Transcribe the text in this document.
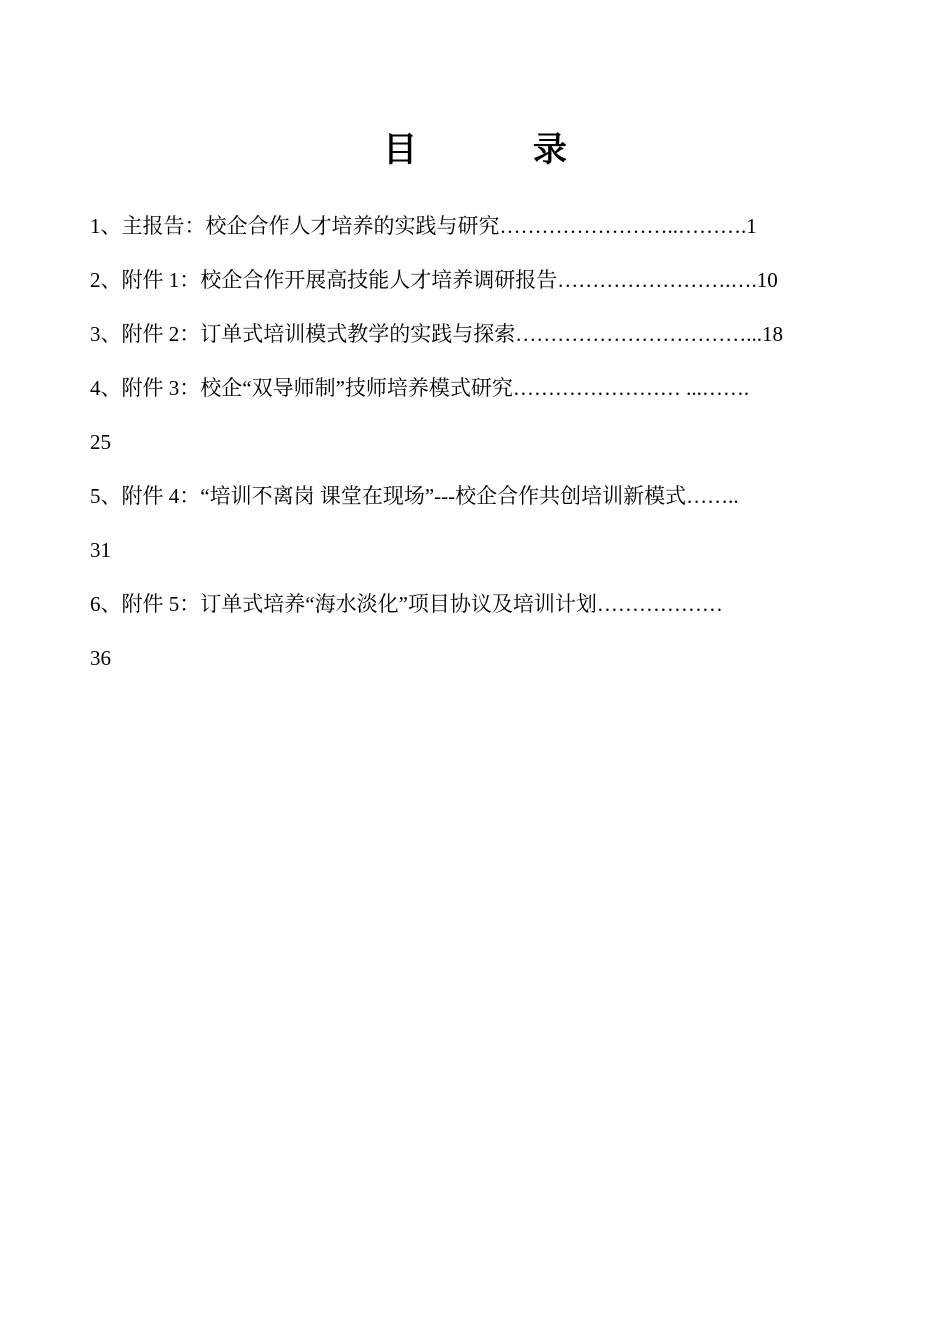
目 录
1、主报告：校企合作人才培养的实践与研究……………………..……….1
2、附件 1：校企合作开展高技能人才培养调研报告…………………….….10
3、附件 2：订单式培训模式教学的实践与探索……………………………...18
4、附件 3：校企“双导师制”技师培养模式研究…………………… ...…….
25
5、附件 4：“培训不离岗 课堂在现场”---校企合作共创培训新模式……..
31
6、附件 5：订单式培养“海水淡化”项目协议及培训计划………………
36
